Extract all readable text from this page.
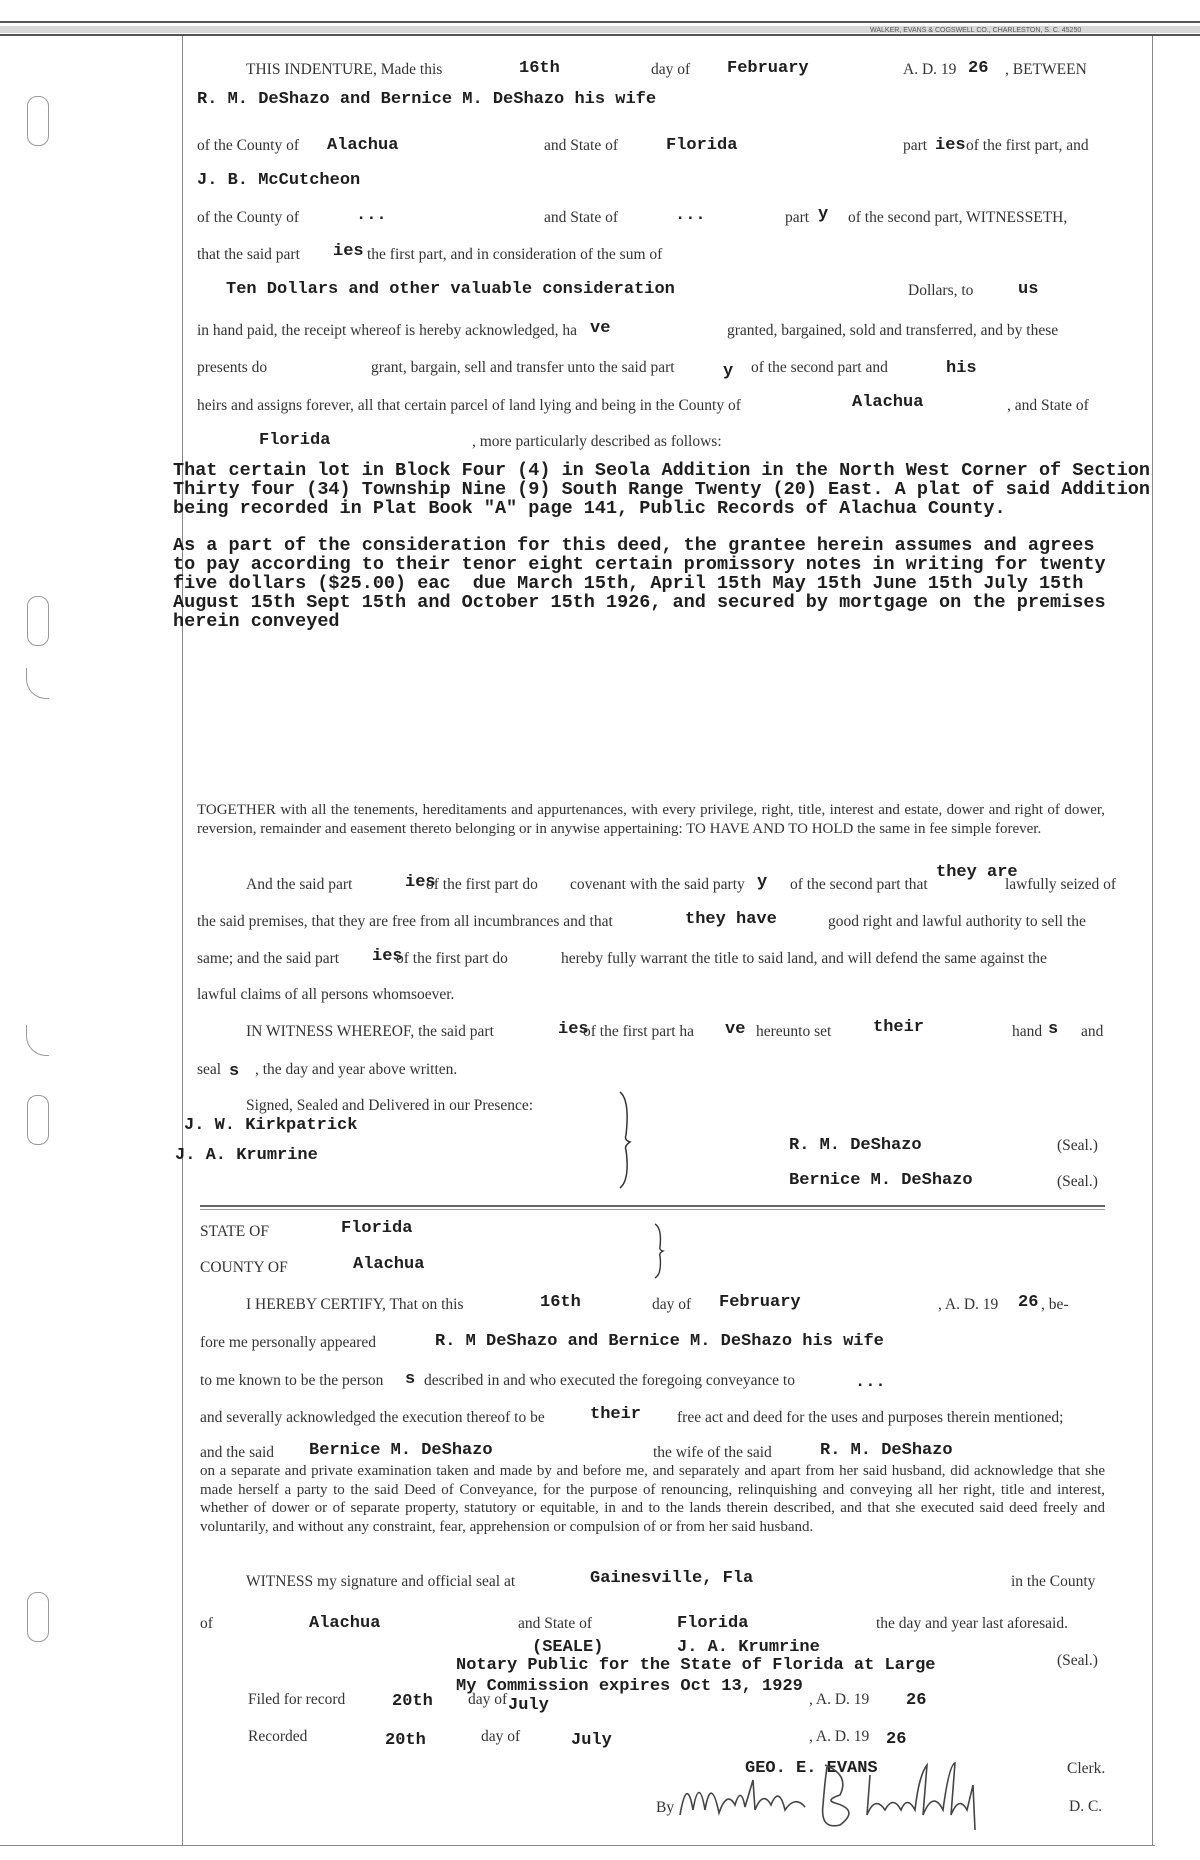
WALKER, EVANS & COGSWELL CO., CHARLESTON, S. C. 45250
THIS INDENTURE, Made this	16th	day of February	A. D. 19 26 , BETWEEN
R. M. DeShazo and Bernice M. DeShazo his wife
of the County of Alachua	and State of	Florida	part ies of the first part, and
J. B. McCutcheon
of the County of	...	and State of	...	part y of the second part, WITNESSETH,
that the said part ies the first part, and in consideration of the sum of
Ten Dollars and other valuable consideration	Dollars, to	us
in hand paid, the receipt whereof is hereby acknowledged, ha ve	granted, bargained, sold and transferred, and by these
presents do	grant, bargain, sell and transfer unto the said part	y of the second part and	his
heirs and assigns forever, all that certain parcel of land lying and being in the County of	Alachua	, and State of
Florida	, more particularly described as follows:
That certain lot in Block Four (4) in Seola Addition in the North West Corner of Section
Thirty four (34) Township Nine (9) South Range Twenty (20) East. A plat of said Addition
being recorded in Plat Book "A" page 141, Public Records of Alachua County.
As a part of the consideration for this deed, the grantee herein assumes and agrees
to pay according to their tenor eight certain promissory notes in writing for twenty
five dollars ($25.00) eac  due March 15th, April 15th May 15th June 15th July 15th
August 15th Sept 15th and October 15th 1926, and secured by mortgage on the premises
herein conveyed
TOGETHER with all the tenements, hereditaments and appurtenances, with every privilege, right, title, interest and estate, dower and right of dower, reversion, remainder and easement thereto belonging or in anywise appertaining: TO HAVE AND TO HOLD the same in fee simple forever.
And the said part	ies
of the first part do covenant with the said party y of the second part that
they are
lawfully seized of
the said premises, that they are free from all incumbrances and that	they have	good right and lawful authority to sell the
same; and the said part ies
of the first part do	hereby fully warrant the title to said land, and will defend the same against the
lawful claims of all persons whomsoever.
IN WITNESS WHEREOF, the said part	ies
of the first part ha ve hereunto set their	hand s and
seal s , the day and year above written.
Signed, Sealed and Delivered in our Presence:
J. W. Kirkpatrick
J. A. Krumrine
R. M. DeShazo	(Seal.)
Bernice M. DeShazo	(Seal.)
STATE OF	Florida
COUNTY OF	Alachua
I HEREBY CERTIFY, That on this	16th	day of February	, A. D. 19 26 , be-
fore me personally appeared	R. M DeShazo and Bernice M. DeShazo his wife
to me known to be the person s described in and who executed the foregoing conveyance to	...
and severally acknowledged the execution thereof to be	their free act and deed for the uses and purposes therein mentioned;
and the said Bernice M. DeShazo	the wife of the said	R. M. DeShazo
on a separate and private examination taken and made by and before me, and separately and apart from her said husband, did acknowledge that she made herself a party to the said Deed of Conveyance, for the purpose of renouncing, relinquishing and conveying all her right, title and interest, whether of dower or of separate property, statutory or equitable, in and to the lands therein described, and that she executed said deed freely and voluntarily, and without any constraint, fear, apprehension or compulsion of or from her said husband.
WITNESS my signature and official seal at	Gainesville, Fla	in the County
of	Alachua	and State of	Florida	the day and year last aforesaid.
(SEALE)	J. A. Krumrine
Notary Public for the State of Florida at Large	(Seal.)
My Commission expires Oct 13, 1929
Filed for record	20th day of July	, A. D. 19 26
Recorded	20th	day of	July	, A. D. 19 26
GEO. E. EVANS	Clerk.
By	D. C.
